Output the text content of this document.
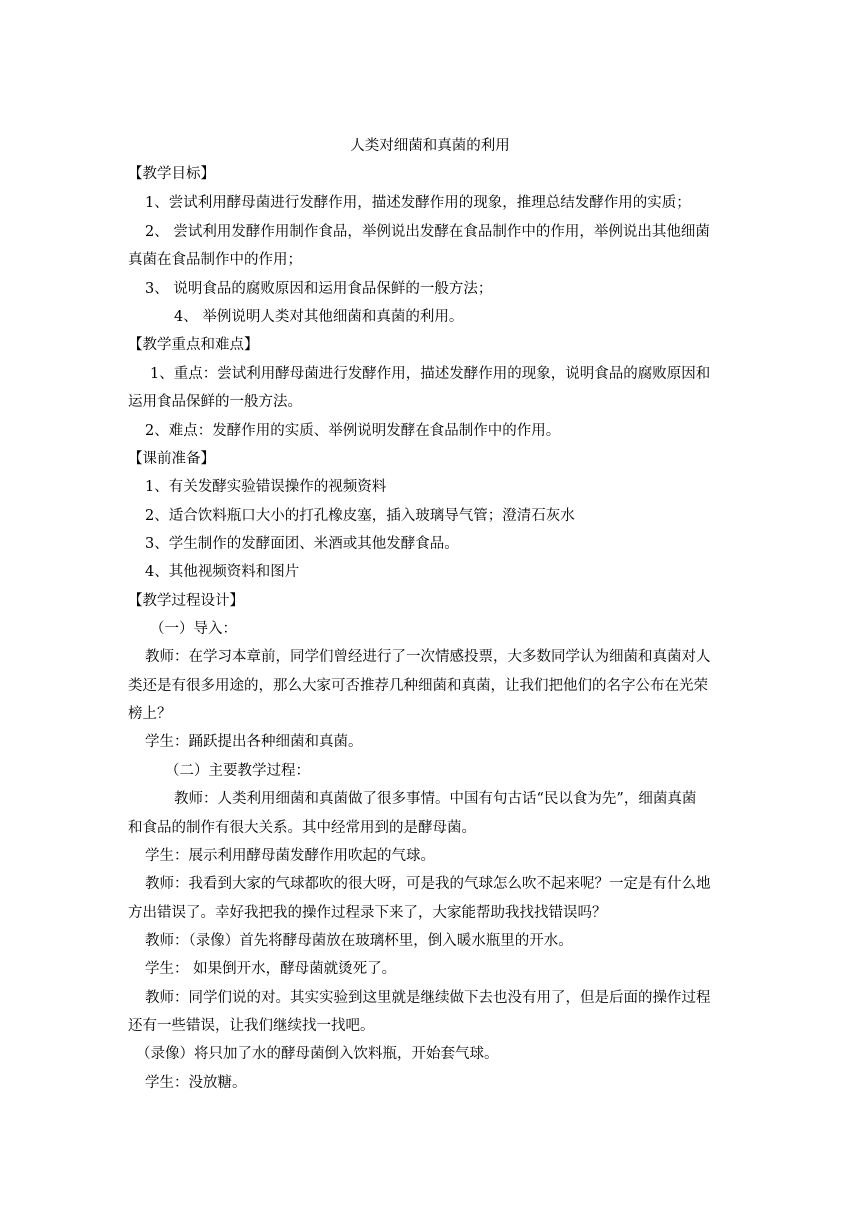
人类对细菌和真菌的利用

【教学目标】

1、尝试利用酵母菌进行发酵作用，描述发酵作用的现象，推理总结发酵作用的实质；

2、 尝试利用发酵作用制作食品，举例说出发酵在食品制作中的作用，举例说出其他细菌

真菌在食品制作中的作用；

3、 说明食品的腐败原因和运用食品保鲜的一般方法；

4、 举例说明人类对其他细菌和真菌的利用。

【教学重点和难点】

1、重点：尝试利用酵母菌进行发酵作用，描述发酵作用的现象，说明食品的腐败原因和

运用食品保鲜的一般方法。

2、难点：发酵作用的实质、举例说明发酵在食品制作中的作用。

【课前准备】

1、有关发酵实验错误操作的视频资料

2、适合饮料瓶口大小的打孔橡皮塞，插入玻璃导气管；澄清石灰水

3、学生制作的发酵面团、米酒或其他发酵食品。

4、其他视频资料和图片

【教学过程设计】

（一）导入：

教师：在学习本章前，同学们曾经进行了一次情感投票，大多数同学认为细菌和真菌对人

类还是有很多用途的，那么大家可否推荐几种细菌和真菌，让我们把他们的名字公布在光荣

榜上？

学生：踊跃提出各种细菌和真菌。

（二）主要教学过程：

教师：人类利用细菌和真菌做了很多事情。中国有句古话“民以食为先”，细菌真菌

和食品的制作有很大关系。其中经常用到的是酵母菌。

学生：展示利用酵母菌发酵作用吹起的气球。

教师：我看到大家的气球都吹的很大呀，可是我的气球怎么吹不起来呢？一定是有什么地

方出错误了。幸好我把我的操作过程录下来了，大家能帮助我找找错误吗？

教师：（录像）首先将酵母菌放在玻璃杯里，倒入暖水瓶里的开水。

学生： 如果倒开水，酵母菌就烫死了。

教师：同学们说的对。其实实验到这里就是继续做下去也没有用了，但是后面的操作过程

还有一些错误，让我们继续找一找吧。

（录像）将只加了水的酵母菌倒入饮料瓶，开始套气球。

学生：没放糖。
